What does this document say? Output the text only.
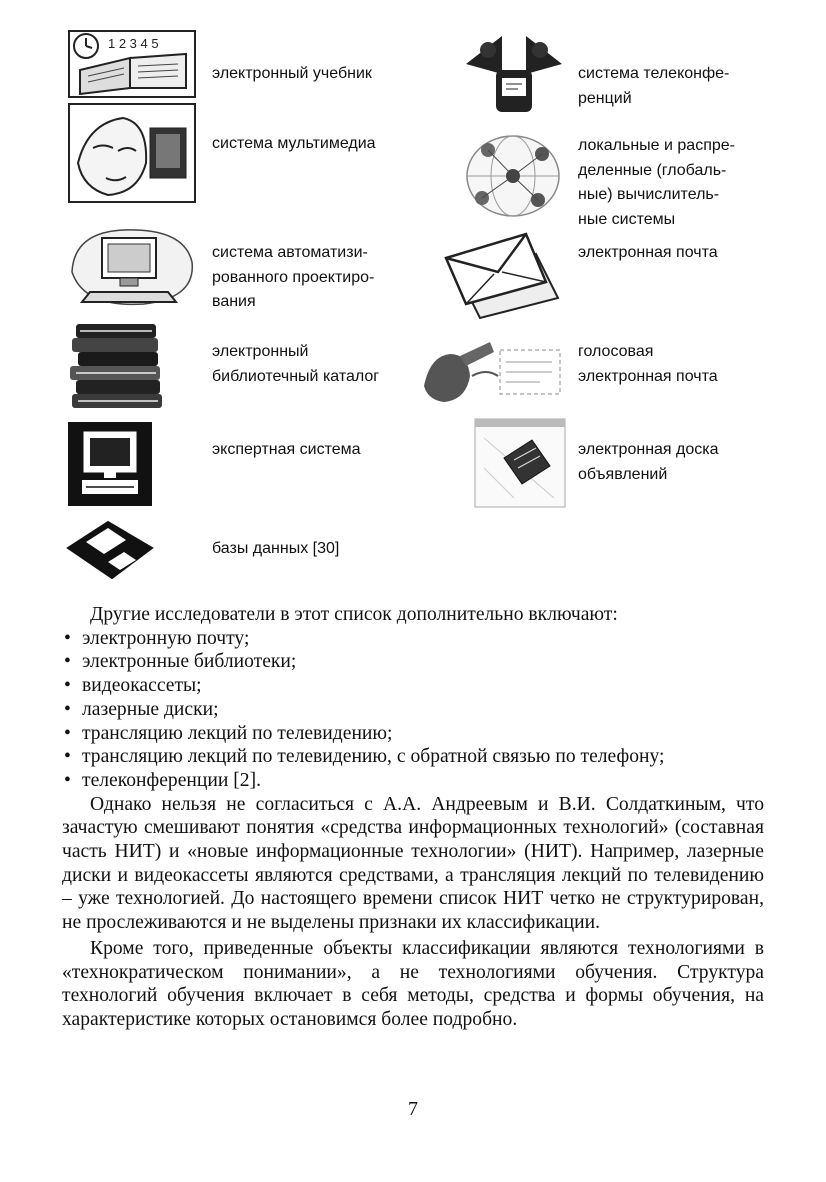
1 2 3 4 5
электронный учебник
система мультимедиа
система автоматизи-
рованного проектиро-
вания
электронный
библиотечный каталог
экспертная система
базы данных [30]
система телеконфе-
ренций
локальные и распре-
деленные (глобаль-
ные) вычислитель-
ные системы
электронная почта
голосовая
электронная почта
электронная доска
объявлений

Другие исследователи в этот список дополнительно включают:

• электронную почту;
• электронные библиотеки;
• видеокассеты;
• лазерные диски;
• трансляцию лекций по телевидению;
• трансляцию лекций по телевидению, с обратной связью по телефону;
• телеконференции [2].

Однако нельзя не согласиться с А.А. Андреевым и В.И. Солдаткиным, что зачастую смешивают понятия «средства информационных технологий» (составная часть НИТ) и «новые информационные технологии» (НИТ). Например, лазерные диски и видеокассеты являются средствами, а трансляция лекций по телевидению – уже технологией. До настоящего времени список НИТ четко не структурирован, не прослеживаются и не выделены признаки их классификации.

Кроме того, приведенные объекты классификации являются технологиями в «технократическом понимании», а не технологиями обучения. Структура технологий обучения включает в себя методы, средства и формы обучения, на характеристике которых остановимся более подробно.

7
